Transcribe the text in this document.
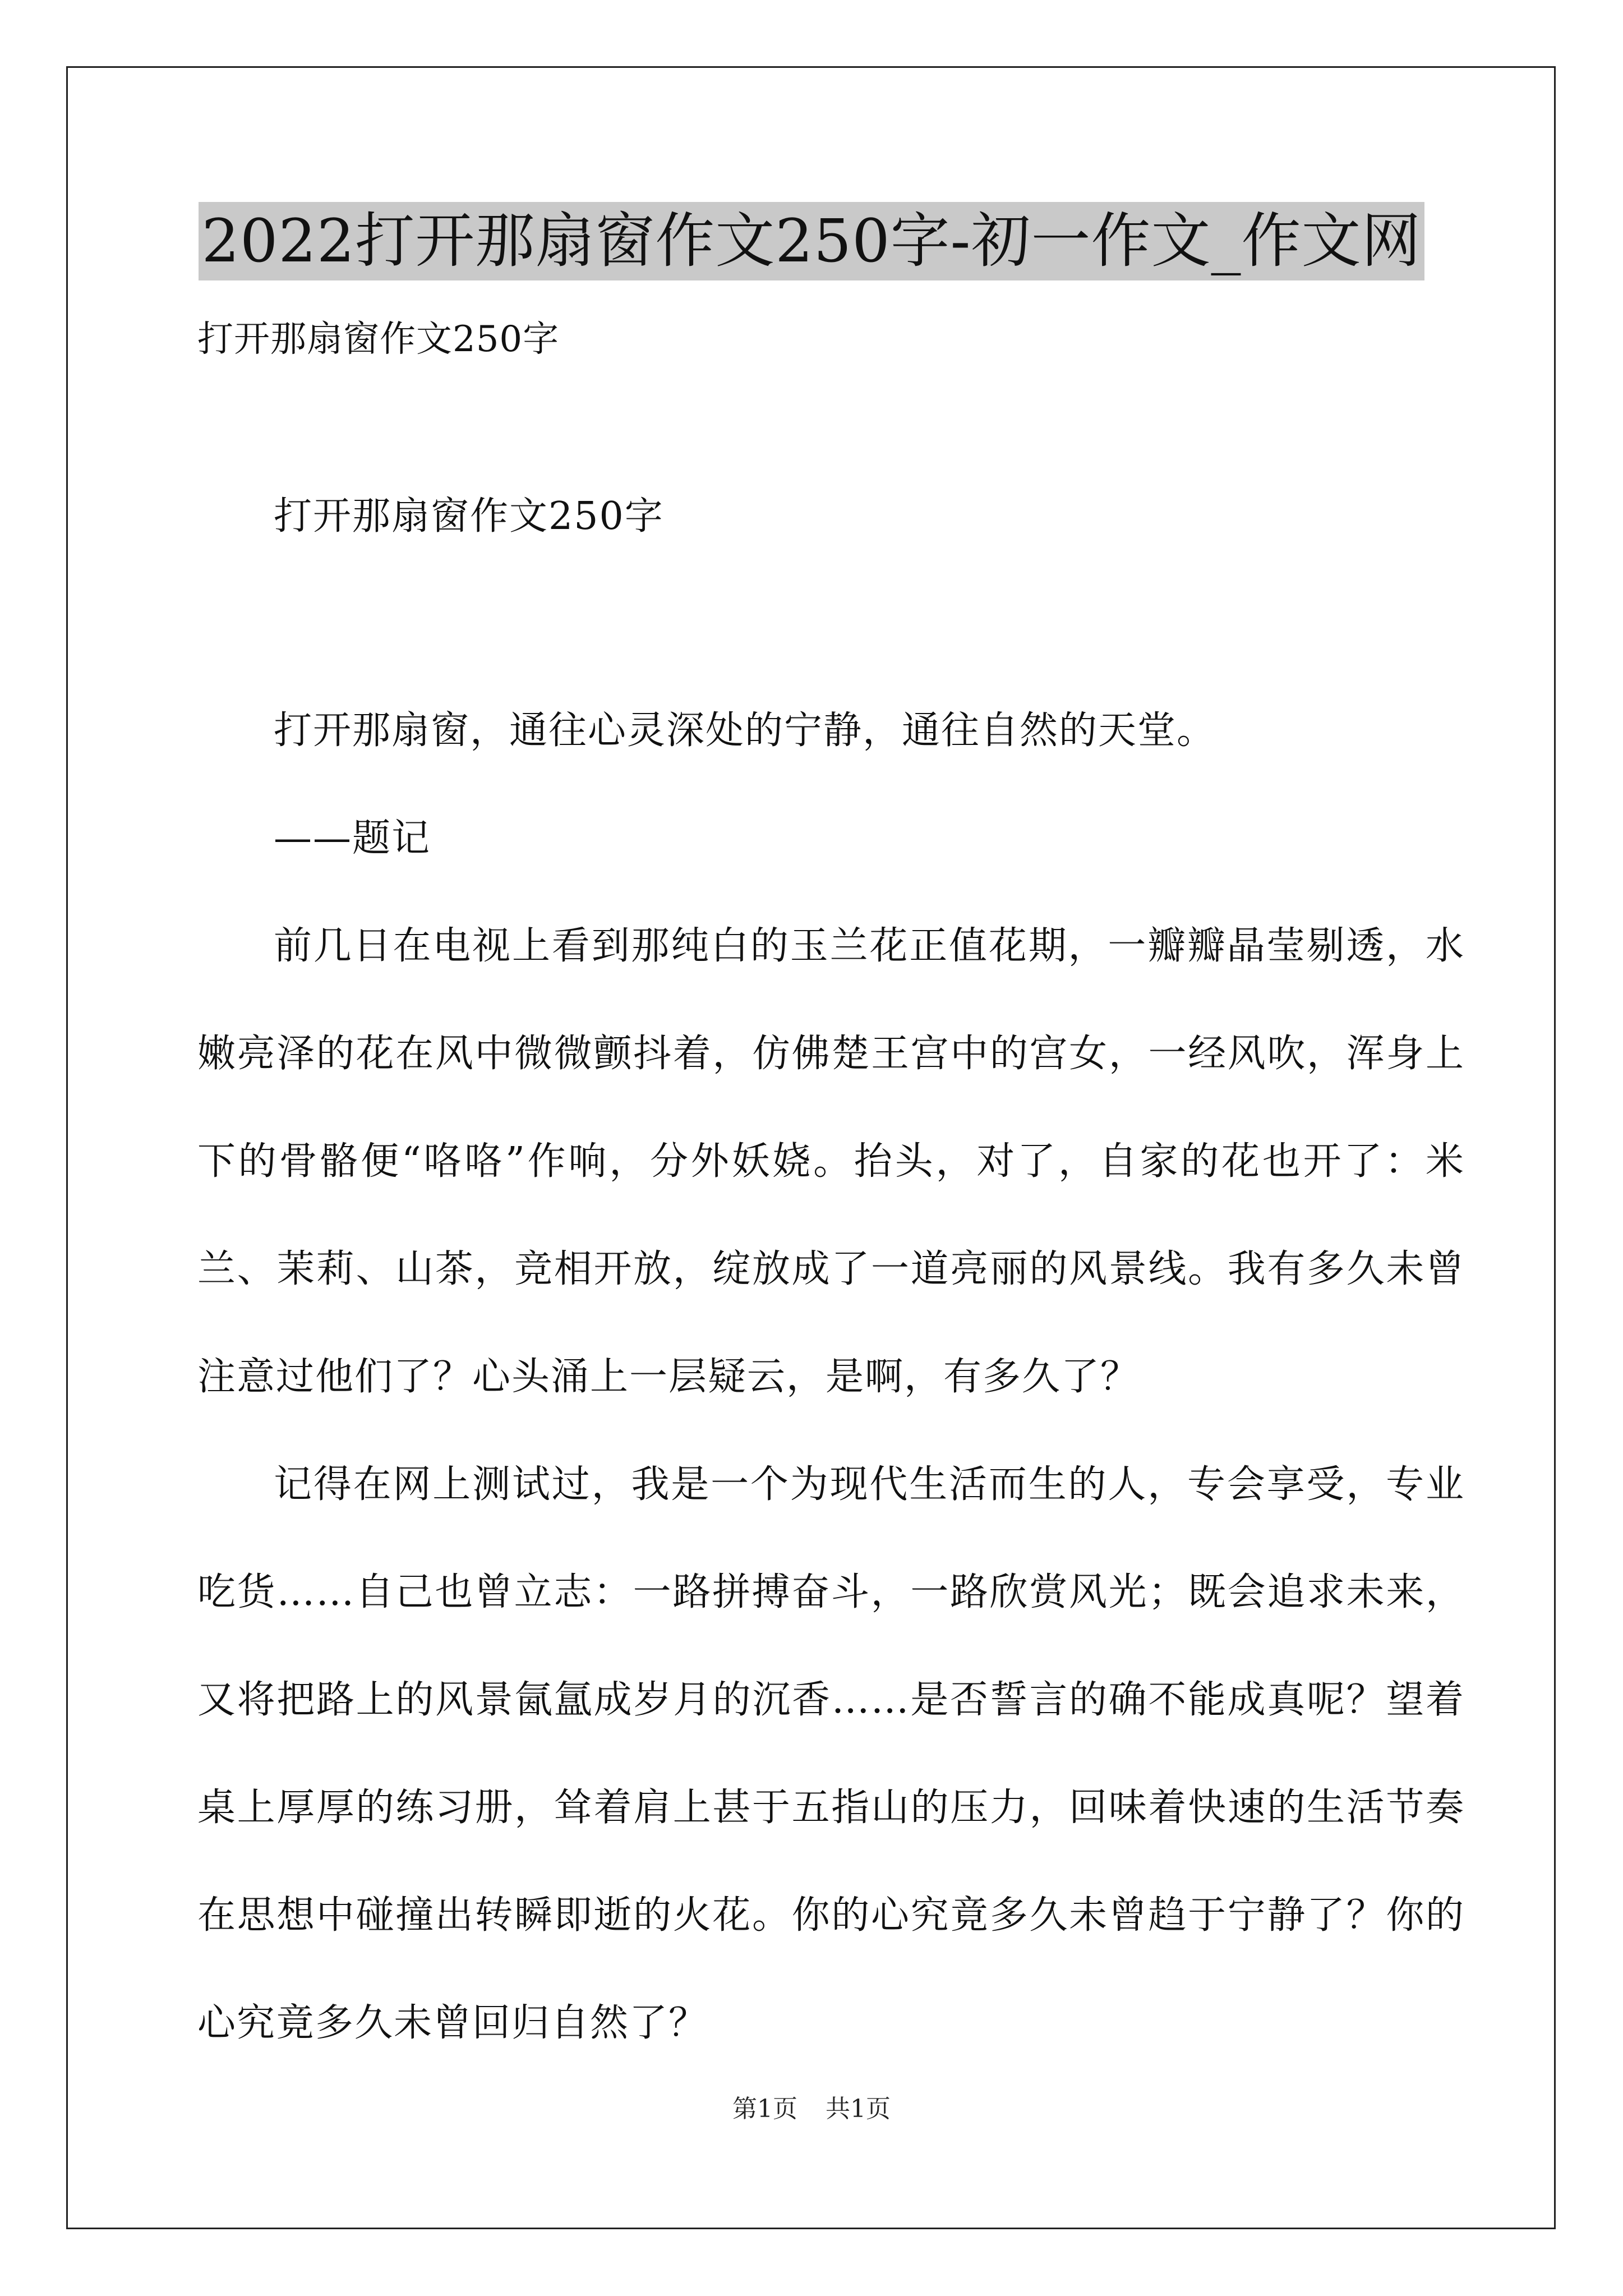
2022打开那扇窗作文250字-初一作文_作文网
打开那扇窗作文250字

打开那扇窗作文250字

打开那扇窗，通往心灵深处的宁静，通往自然的天堂。

——题记

前几日在电视上看到那纯白的玉兰花正值花期，一瓣瓣晶莹剔透，水嫩亮泽的花在风中微微颤抖着，仿佛楚王宫中的宫女，一经风吹，浑身上下的骨骼便“咯咯”作响，分外妖娆。抬头，对了，自家的花也开了：米兰、茉莉、山茶，竞相开放，绽放成了一道亮丽的风景线。我有多久未曾注意过他们了？心头涌上一层疑云，是啊，有多久了？

记得在网上测试过，我是一个为现代生活而生的人，专会享受，专业吃货……自己也曾立志：一路拼搏奋斗，一路欣赏风光；既会追求未来，又将把路上的风景氤氲成岁月的沉香……是否誓言的确不能成真呢？望着桌上厚厚的练习册，耸着肩上甚于五指山的压力，回味着快速的生活节奏在思想中碰撞出转瞬即逝的火花。你的心究竟多久未曾趋于宁静了？你的心究竟多久未曾回归自然了？

第1页 共1页
